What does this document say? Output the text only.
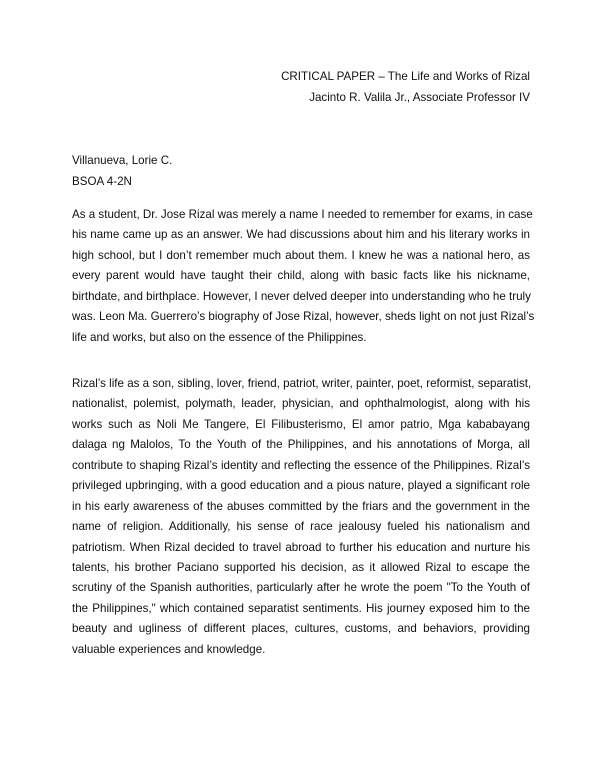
CRITICAL PAPER – The Life and Works of Rizal
Jacinto R. Valila Jr., Associate Professor IV
Villanueva, Lorie C.
BSOA 4-2N
As a student, Dr. Jose Rizal was merely a name I needed to remember for exams, in case
his name came up as an answer. We had discussions about him and his literary works in
high school, but I don’t remember much about them. I knew he was a national hero, as
every parent would have taught their child, along with basic facts like his nickname,
birthdate, and birthplace. However, I never delved deeper into understanding who he truly
was. Leon Ma. Guerrero’s biography of Jose Rizal, however, sheds light on not just Rizal’s
life and works, but also on the essence of the Philippines.
Rizal’s life as a son, sibling, lover, friend, patriot, writer, painter, poet, reformist, separatist,
nationalist, polemist, polymath, leader, physician, and ophthalmologist, along with his
works such as Noli Me Tangere, El Filibusterismo, El amor patrio, Mga kababayang
dalaga ng Malolos, To the Youth of the Philippines, and his annotations of Morga, all
contribute to shaping Rizal’s identity and reflecting the essence of the Philippines. Rizal’s
privileged upbringing, with a good education and a pious nature, played a significant role
in his early awareness of the abuses committed by the friars and the government in the
name of religion. Additionally, his sense of race jealousy fueled his nationalism and
patriotism. When Rizal decided to travel abroad to further his education and nurture his
talents, his brother Paciano supported his decision, as it allowed Rizal to escape the
scrutiny of the Spanish authorities, particularly after he wrote the poem "To the Youth of
the Philippines," which contained separatist sentiments. His journey exposed him to the
beauty and ugliness of different places, cultures, customs, and behaviors, providing
valuable experiences and knowledge.
